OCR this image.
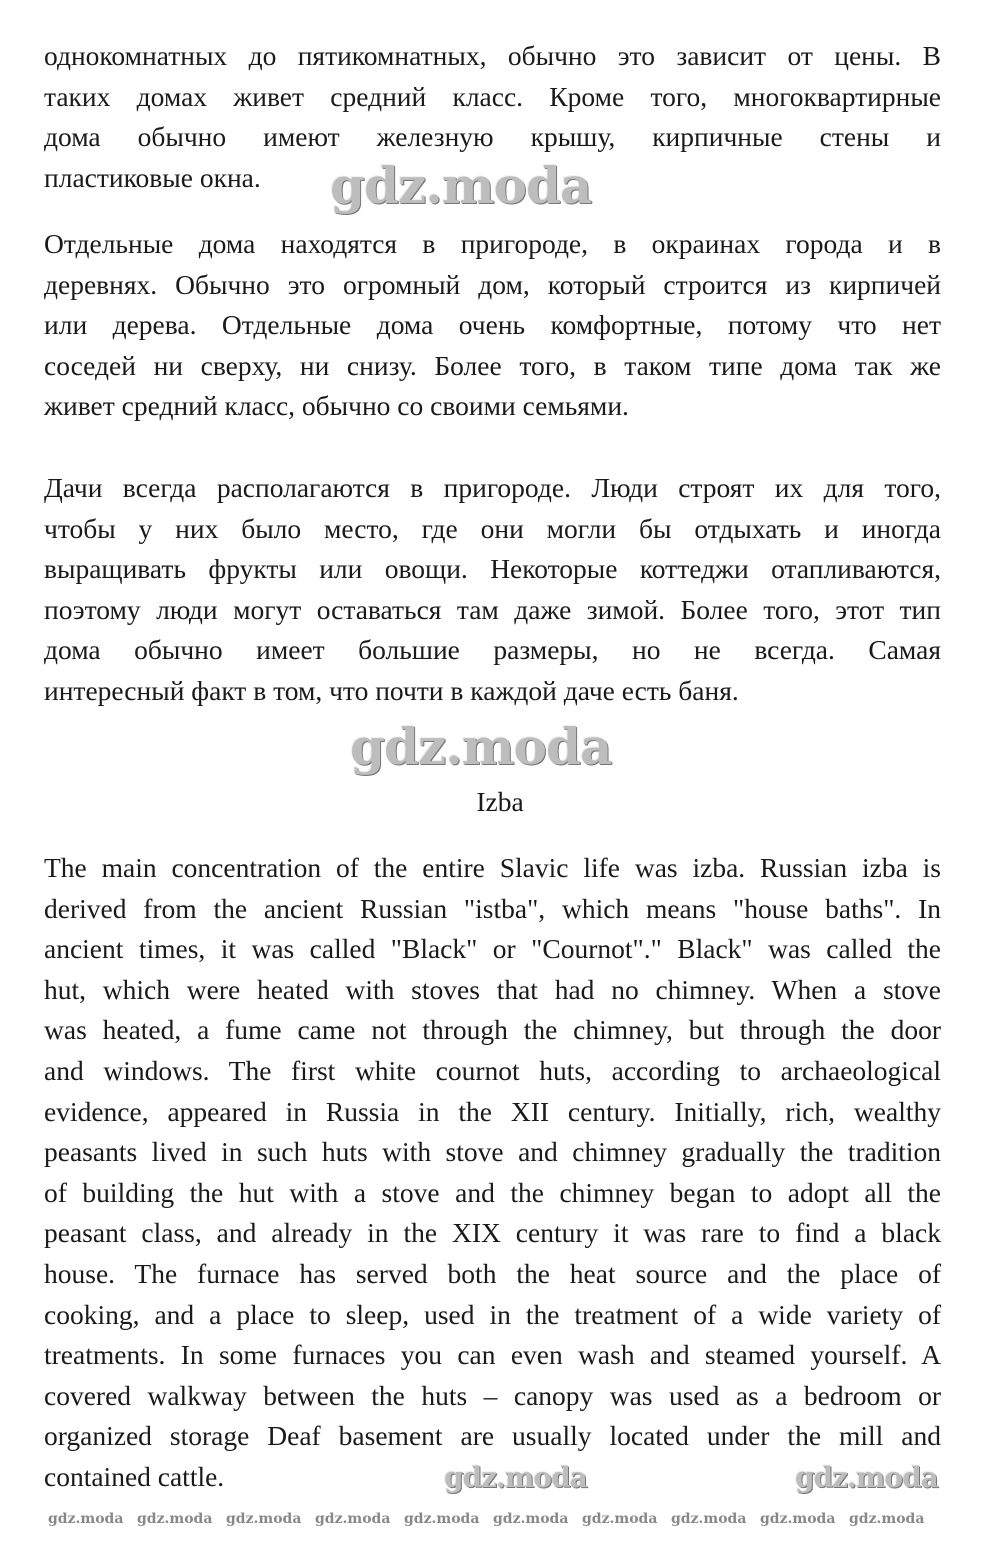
однокомнатных до пятикомнатных, обычно это зависит от цены. В
таких домах живет средний класс. Кроме того, многоквартирные
дома обычно имеют железную крышу, кирпичные стены и
пластиковые окна.
Отдельные дома находятся в пригороде, в окраинах города и в
деревнях. Обычно это огромный дом, который строится из кирпичей
или дерева. Отдельные дома очень комфортные, потому что нет
соседей ни сверху, ни снизу. Более того, в таком типе дома так же
живет средний класс, обычно со своими семьями.
Дачи всегда располагаются в пригороде. Люди строят их для того,
чтобы у них было место, где они могли бы отдыхать и иногда
выращивать фрукты или овощи. Некоторые коттеджи отапливаются,
поэтому люди могут оставаться там даже зимой. Более того, этот тип
дома обычно имеет большие размеры, но не всегда. Самая
интересный факт в том, что почти в каждой даче есть баня.
Izba
The main concentration of the entire Slavic life was izba. Russian izba is
derived from the ancient Russian "istba", which means "house baths". In
ancient times, it was called "Black" or "Cournot"." Black" was called the
hut, which were heated with stoves that had no chimney. When a stove
was heated, a fume came not through the chimney, but through the door
and windows. The first white cournot huts, according to archaeological
evidence, appeared in Russia in the XII century. Initially, rich, wealthy
peasants lived in such huts with stove and chimney gradually the tradition
of building the hut with a stove and the chimney began to adopt all the
peasant class, and already in the XIX century it was rare to find a black
house. The furnace has served both the heat source and the place of
cooking, and a place to sleep, used in the treatment of a wide variety of
treatments. In some furnaces you can even wash and steamed yourself. A
covered walkway between the huts – canopy was used as a bedroom or
organized storage Deaf basement are usually located under the mill and
contained cattle.
gdz.moda
gdz.moda
gdz.moda	gdz.moda
gdz.moda gdz.moda gdz.moda gdz.moda gdz.moda gdz.moda gdz.moda gdz.moda gdz.moda gdz.moda
